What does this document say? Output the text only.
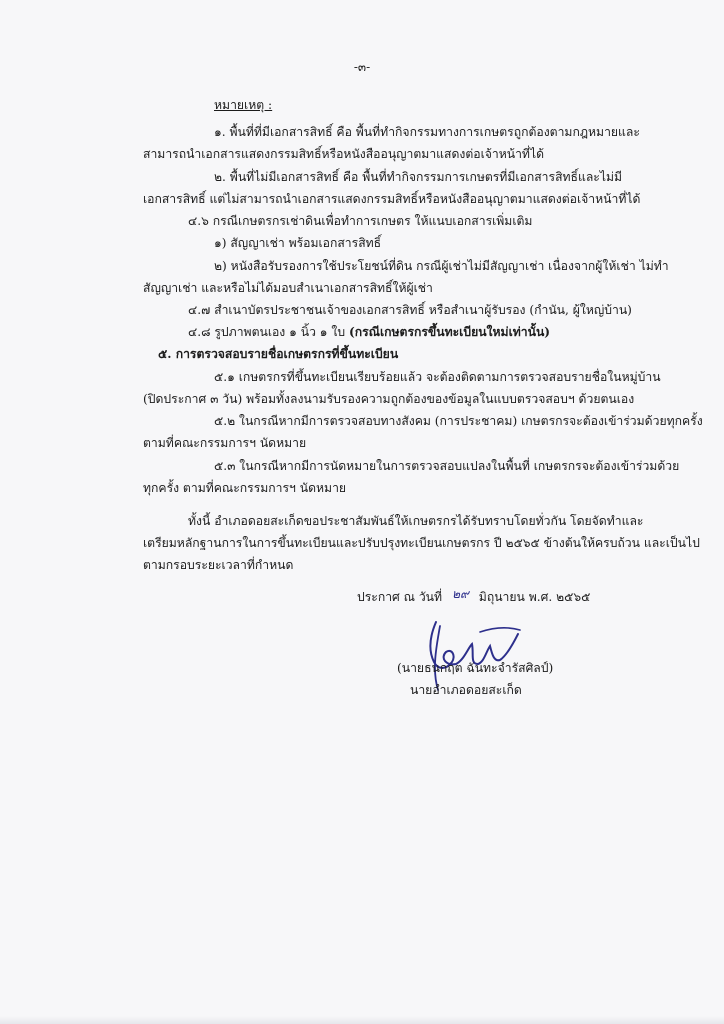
-๓-
หมายเหตุ :
๑. พื้นที่ที่มีเอกสารสิทธิ์ คือ พื้นที่ทำกิจกรรมทางการเกษตรถูกต้องตามกฎหมายและ
สามารถนำเอกสารแสดงกรรมสิทธิ์หรือหนังสืออนุญาตมาแสดงต่อเจ้าหน้าที่ได้
๒. พื้นที่ไม่มีเอกสารสิทธิ์ คือ พื้นที่ทำกิจกรรมการเกษตรที่มีเอกสารสิทธิ์และไม่มี
เอกสารสิทธิ์ แต่ไม่สามารถนำเอกสารแสดงกรรมสิทธิ์หรือหนังสืออนุญาตมาแสดงต่อเจ้าหน้าที่ได้
๔.๖ กรณีเกษตรกรเช่าดินเพื่อทำการเกษตร ให้แนบเอกสารเพิ่มเติม
๑) สัญญาเช่า พร้อมเอกสารสิทธิ์
๒) หนังสือรับรองการใช้ประโยชน์ที่ดิน กรณีผู้เช่าไม่มีสัญญาเช่า เนื่องจากผู้ให้เช่า ไม่ทำ
สัญญาเช่า และหรือไม่ได้มอบสำเนาเอกสารสิทธิ์ให้ผู้เช่า
๔.๗ สำเนาบัตรประชาชนเจ้าของเอกสารสิทธิ์ หรือสำเนาผู้รับรอง (กำนัน, ผู้ใหญ่บ้าน)
๔.๘ รูปภาพตนเอง ๑ นิ้ว ๑ ใบ (กรณีเกษตรกรขึ้นทะเบียนใหม่เท่านั้น)
๕. การตรวจสอบรายชื่อเกษตรกรที่ขึ้นทะเบียน
๕.๑ เกษตรกรที่ขึ้นทะเบียนเรียบร้อยแล้ว จะต้องติดตามการตรวจสอบรายชื่อในหมู่บ้าน
(ปิดประกาศ ๓ วัน) พร้อมทั้งลงนามรับรองความถูกต้องของข้อมูลในแบบตรวจสอบฯ ด้วยตนเอง
๕.๒ ในกรณีหากมีการตรวจสอบทางสังคม (การประชาคม) เกษตรกรจะต้องเข้าร่วมด้วยทุกครั้ง
ตามที่คณะกรรมการฯ นัดหมาย
๕.๓ ในกรณีหากมีการนัดหมายในการตรวจสอบแปลงในพื้นที่ เกษตรกรจะต้องเข้าร่วมด้วย
ทุกครั้ง ตามที่คณะกรรมการฯ นัดหมาย
ทั้งนี้ อำเภอดอยสะเก็ดขอประชาสัมพันธ์ให้เกษตรกรได้รับทราบโดยทั่วกัน โดยจัดทำและ
เตรียมหลักฐานการในการขึ้นทะเบียนและปรับปรุงทะเบียนเกษตรกร ปี ๒๕๖๕ ข้างต้นให้ครบถ้วน และเป็นไป
ตามกรอบระยะเวลาที่กำหนด
ประกาศ ณ วันที่ ๒๙ มิถุนายน พ.ศ. ๒๕๖๕
(นายธนกฤต ฉันทะจำรัสศิลป์)
นายอำเภอดอยสะเก็ด
